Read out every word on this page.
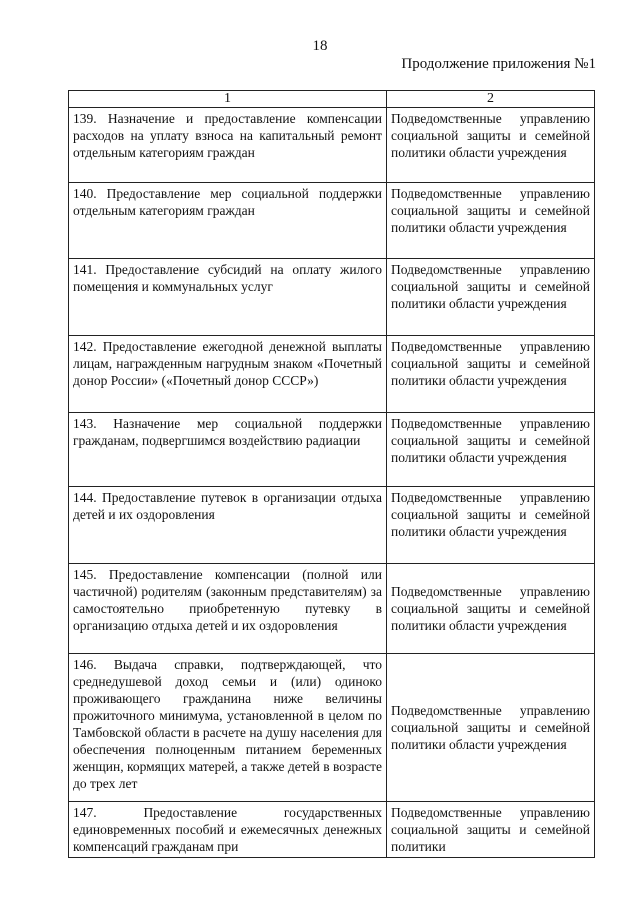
18
Продолжение приложения №1
1	2
139. Назначение и предоставление компенсации расходов на уплату взноса на капитальный ремонт отдельным категориям граждан	Подведомственные управлению социальной защиты и семейной политики области учреждения
140. Предоставление мер социальной поддержки отдельным категориям граждан	Подведомственные управлению социальной защиты и семейной политики области учреждения
141. Предоставление субсидий на оплату жилого помещения и коммунальных услуг	Подведомственные управлению социальной защиты и семейной политики области учреждения
142. Предоставление ежегодной денежной выплаты лицам, награжденным нагрудным знаком «Почетный донор России» («Почетный донор СССР»)	Подведомственные управлению социальной защиты и семейной политики области учреждения
143. Назначение мер социальной поддержки гражданам, подвергшимся воздействию радиации	Подведомственные управлению социальной защиты и семейной политики области учреждения
144. Предоставление путевок в организации отдыха детей и их оздоровления	Подведомственные управлению социальной защиты и семейной политики области учреждения
145. Предоставление компенсации (полной или частичной) родителям (законным представителям) за самостоятельно приобретенную путевку в организацию отдыха детей и их оздоровления	Подведомственные управлению социальной защиты и семейной политики области учреждения
146. Выдача справки, подтверждающей, что среднедушевой доход семьи и (или) одиноко проживающего гражданина ниже величины прожиточного минимума, установленной в целом по Тамбовской области в расчете на душу населения для обеспечения полноценным питанием беременных женщин, кормящих матерей, а также детей в возрасте до трех лет	Подведомственные управлению социальной защиты и семейной политики области учреждения
147. Предоставление государственных единовременных пособий и ежемесячных денежных компенсаций гражданам при	Подведомственные управлению социальной защиты и семейной политики
